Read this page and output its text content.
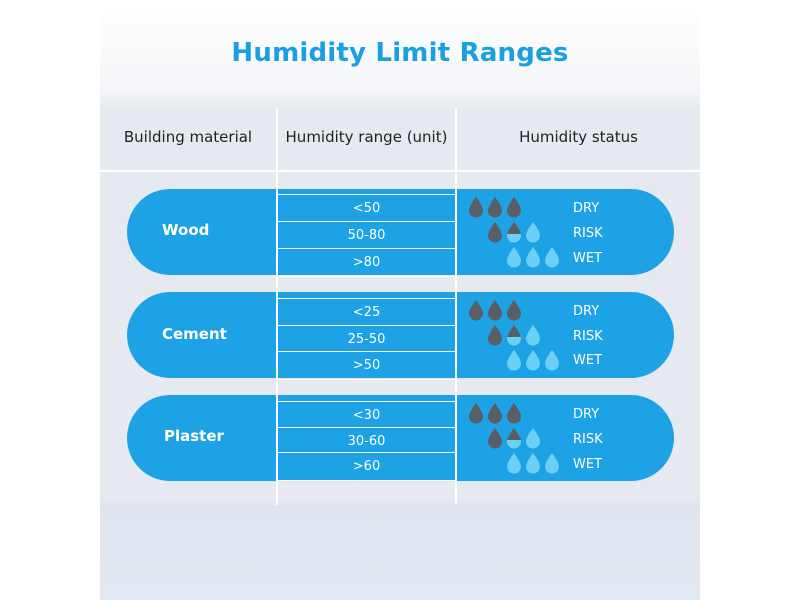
Humidity Limit Ranges
Building material	Humidity range (unit)	Humidity status
Wood
<50
50-80
>80
DRY
RISK
WET
Cement
<25
25-50
>50
DRY
RISK
WET
Plaster
<30
30-60
>60
DRY
RISK
WET
